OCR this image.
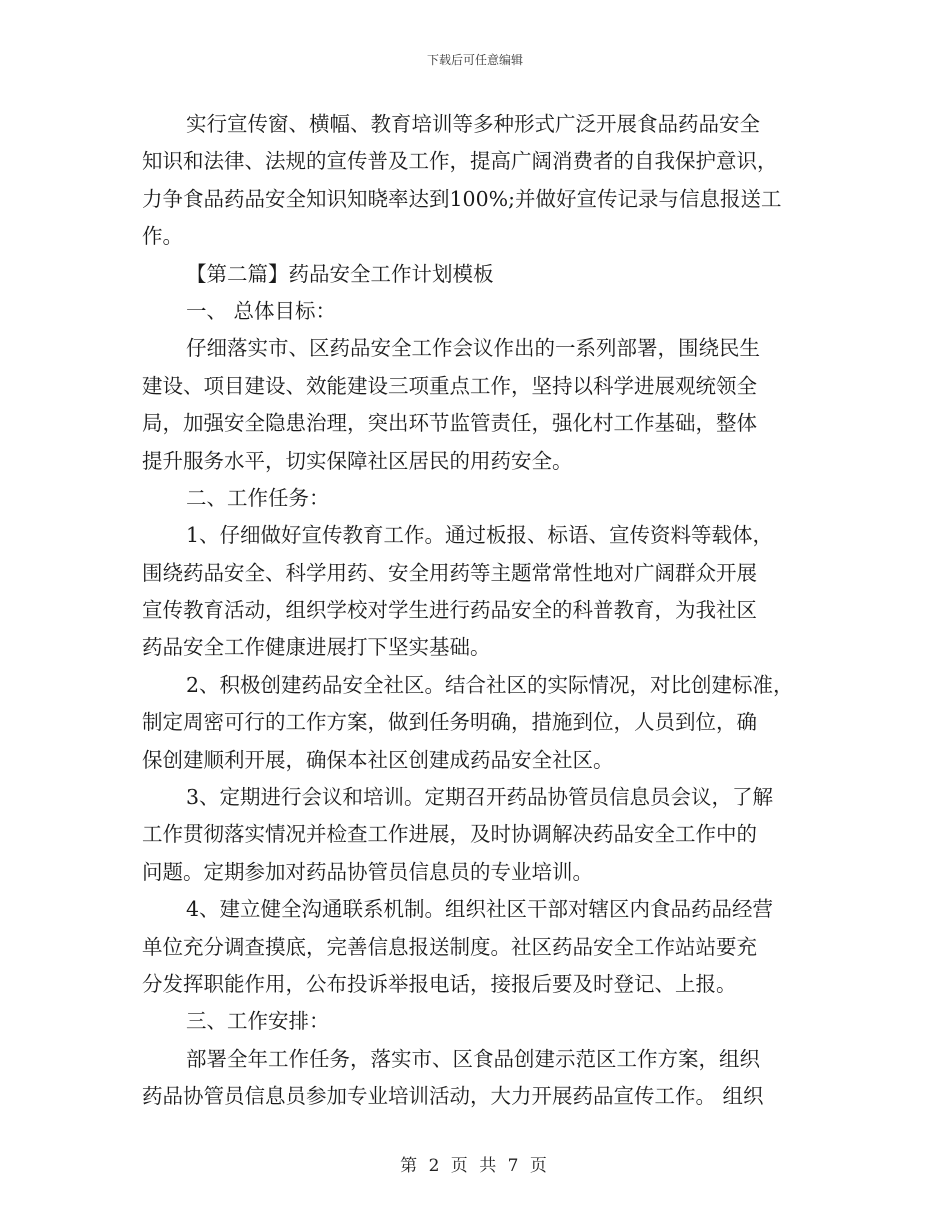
下载后可任意编辑
实行宣传窗、横幅、教育培训等多种形式广泛开展食品药品安全
知识和法律、法规的宣传普及工作，提高广阔消费者的自我保护意识，
力争食品药品安全知识知晓率达到100%;并做好宣传记录与信息报送工
作。
【第二篇】药品安全工作计划模板
一、 总体目标：
仔细落实市、区药品安全工作会议作出的一系列部署，围绕民生
建设、项目建设、效能建设三项重点工作，坚持以科学进展观统领全
局，加强安全隐患治理，突出环节监管责任，强化村工作基础，整体
提升服务水平，切实保障社区居民的用药安全。
二、工作任务：
1、仔细做好宣传教育工作。通过板报、标语、宣传资料等载体，
围绕药品安全、科学用药、安全用药等主题常常性地对广阔群众开展
宣传教育活动，组织学校对学生进行药品安全的科普教育，为我社区
药品安全工作健康进展打下坚实基础。
2、积极创建药品安全社区。结合社区的实际情况，对比创建标准，
制定周密可行的工作方案，做到任务明确，措施到位，人员到位，确
保创建顺利开展，确保本社区创建成药品安全社区。
3、定期进行会议和培训。定期召开药品协管员信息员会议，了解
工作贯彻落实情况并检查工作进展，及时协调解决药品安全工作中的
问题。定期参加对药品协管员信息员的专业培训。
4、建立健全沟通联系机制。组织社区干部对辖区内食品药品经营
单位充分调查摸底，完善信息报送制度。社区药品安全工作站站要充
分发挥职能作用，公布投诉举报电话，接报后要及时登记、上报。
三、工作安排：
部署全年工作任务，落实市、区食品创建示范区工作方案，组织
药品协管员信息员参加专业培训活动，大力开展药品宣传工作。 组织
第 2 页 共 7 页
